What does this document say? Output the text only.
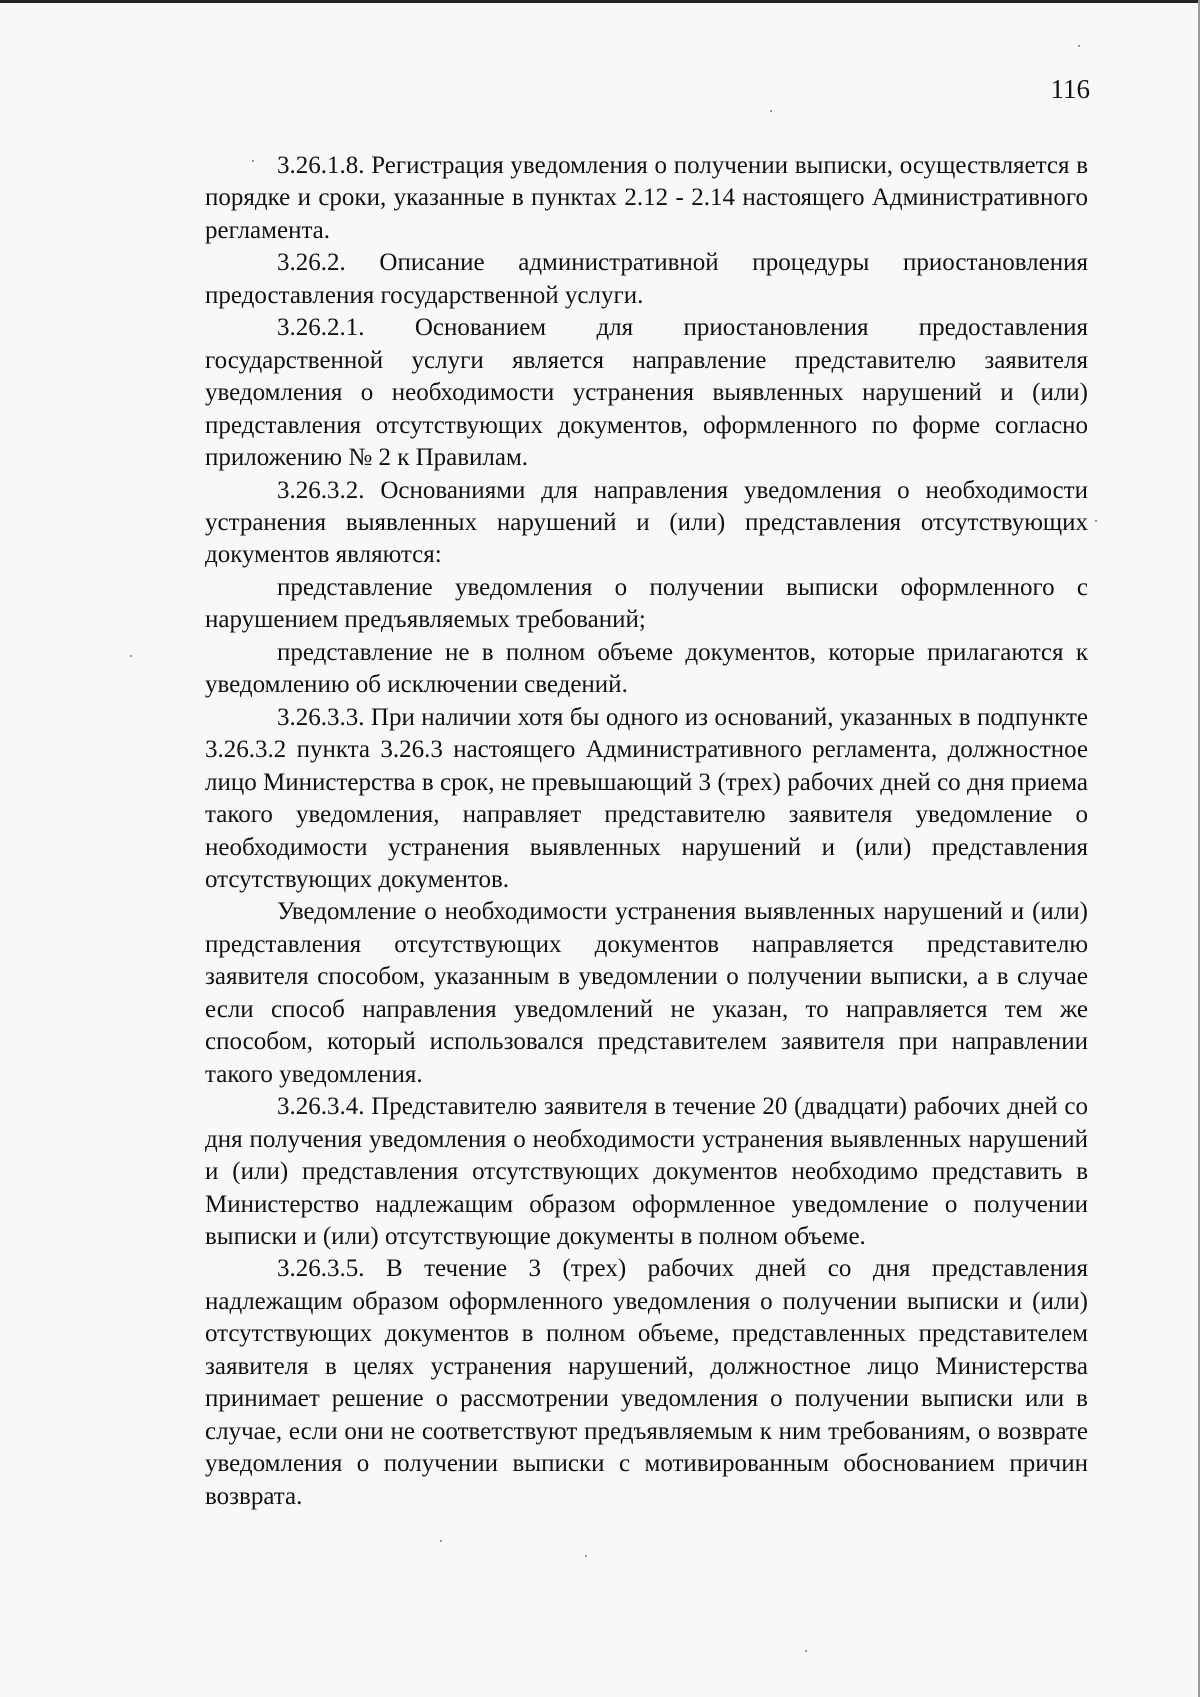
116

3.26.1.8. Регистрация уведомления о получении выписки, осуществляется в порядке и сроки, указанные в пунктах 2.12 - 2.14 настоящего Административного регламента.

3.26.2. Описание административной процедуры приостановления предоставления государственной услуги.

3.26.2.1. Основанием для приостановления предоставления государственной услуги является направление представителю заявителя уведомления о необходимости устранения выявленных нарушений и (или) представления отсутствующих документов, оформленного по форме согласно приложению № 2 к Правилам.

3.26.3.2. Основаниями для направления уведомления о необходимости устранения выявленных нарушений и (или) представления отсутствующих документов являются:

представление уведомления о получении выписки оформленного с нарушением предъявляемых требований;

представление не в полном объеме документов, которые прилагаются к уведомлению об исключении сведений.

3.26.3.3. При наличии хотя бы одного из оснований, указанных в подпункте 3.26.3.2 пункта 3.26.3 настоящего Административного регламента, должностное лицо Министерства в срок, не превышающий 3 (трех) рабочих дней со дня приема такого уведомления, направляет представителю заявителя уведомление о необходимости устранения выявленных нарушений и (или) представления отсутствующих документов.

Уведомление о необходимости устранения выявленных нарушений и (или) представления отсутствующих документов направляется представителю заявителя способом, указанным в уведомлении о получении выписки, а в случае если способ направления уведомлений не указан, то направляется тем же способом, который использовался представителем заявителя при направлении такого уведомления.

3.26.3.4. Представителю заявителя в течение 20 (двадцати) рабочих дней со дня получения уведомления о необходимости устранения выявленных нарушений и (или) представления отсутствующих документов необходимо представить в Министерство надлежащим образом оформленное уведомление о получении выписки и (или) отсутствующие документы в полном объеме.

3.26.3.5. В течение 3 (трех) рабочих дней со дня представления надлежащим образом оформленного уведомления о получении выписки и (или) отсутствующих документов в полном объеме, представленных представителем заявителя в целях устранения нарушений, должностное лицо Министерства принимает решение о рассмотрении уведомления о получении выписки или в случае, если они не соответствуют предъявляемым к ним требованиям, о возврате уведомления о получении выписки с мотивированным обоснованием причин возврата.
